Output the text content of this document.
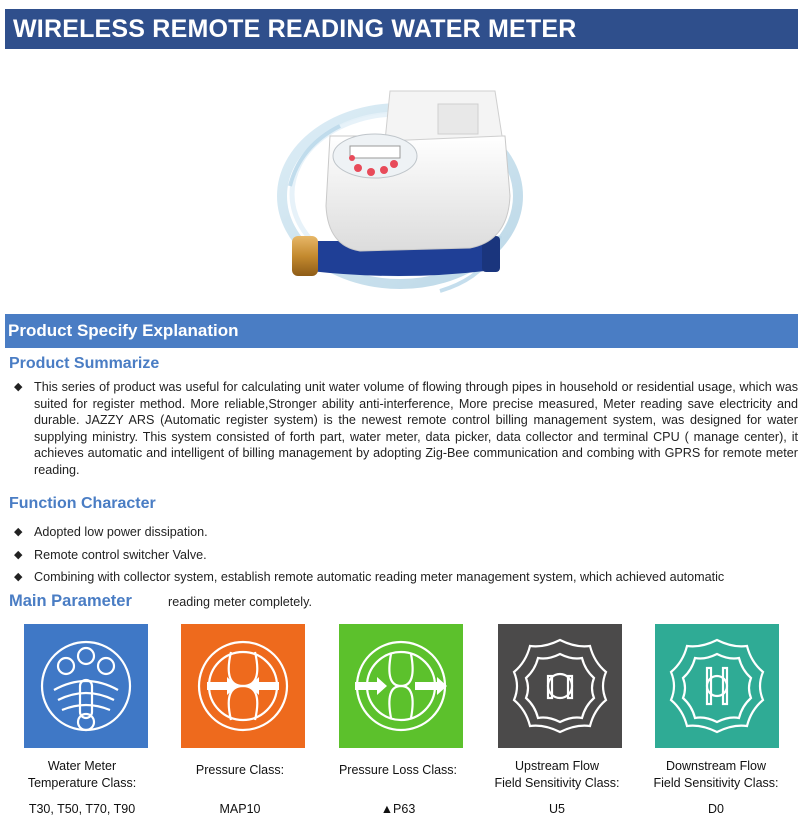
WIRELESS REMOTE READING WATER METER
Product Specify Explanation
Product Summarize
◆ This series of product was useful for calculating unit water volume of flowing through pipes in household or residential usage, which was suited for register method. More reliable,Stronger ability anti-interference, More precise measured, Meter reading save electricity and durable. JAZZY ARS (Automatic register system) is the newest remote control billing management system, was designed for water supplying ministry. This system consisted of forth part, water meter, data picker, data collector and terminal CPU ( manage center), it achieves automatic and intelligent of billing management by adopting Zig-Bee communication and combing with GPRS for remote meter reading.
Function Character
◆ Adopted low power dissipation.
◆ Remote control switcher Valve.
◆ Combining with collector system, establish remote automatic reading meter management system, which achieved automatic
Main Parameter	reading meter completely.
Water Meter
Temperature Class:
T30, T50, T70, T90
Pressure Class:
MAP10
Pressure Loss Class:
▲P63
Upstream Flow
Field Sensitivity Class:
U5
Downstream Flow
Field Sensitivity Class:
D0
